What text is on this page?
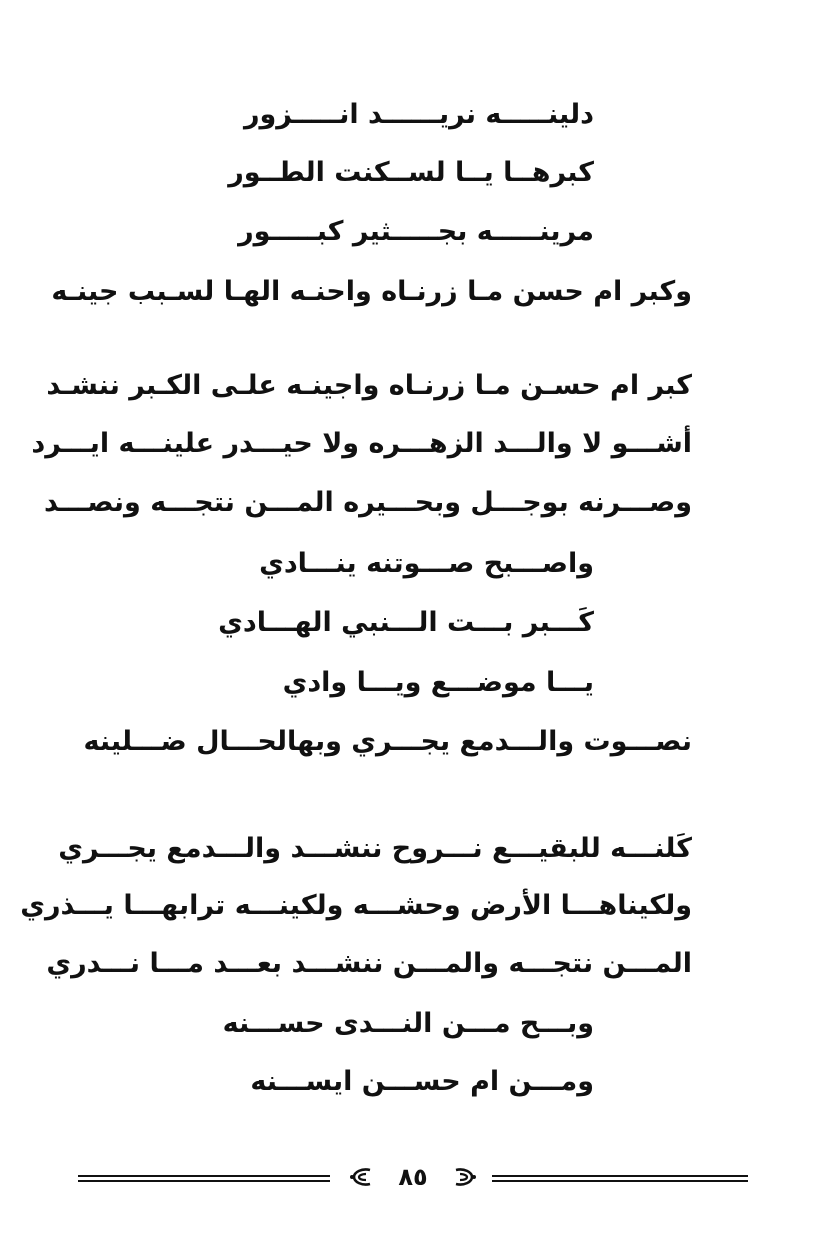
دلينـــــه نريــــــد انـــــزور
كبرهــا يــا لســكنت الطــور
مرينـــــه بجـــــثير كبـــــور
وكبر ام حسن مـا زرنـاه واحنـه الهـا لسـبب جينـه
كبر ام حسـن مـا زرنـاه واجينـه علـى الكـبر ننشـد
أشـــو لا والـــد الزهـــره ولا حيـــدر علينـــه ايـــرد
وصـــرنه بوجـــل وبحـــيره المـــن نتجـــه ونصـــد
واصـــبح صـــوتنه ينـــادي
كَـــبر بـــت الـــنبي الهـــادي
يـــا موضـــع ويـــا وادي
نصـــوت والـــدمع يجـــري وبهالحـــال ضـــلينه
كَلنـــه للبقيـــع نـــروح ننشـــد والـــدمع يجـــري
ولكيناهـــا الأرض وحشـــه ولكينـــه ترابهـــا يـــذري
المـــن نتجـــه والمـــن ننشـــد بعـــد مـــا نـــدري
وبـــح مـــن النـــدى حســـنه
ومـــن ام حســـن ايســـنه
٨٥
